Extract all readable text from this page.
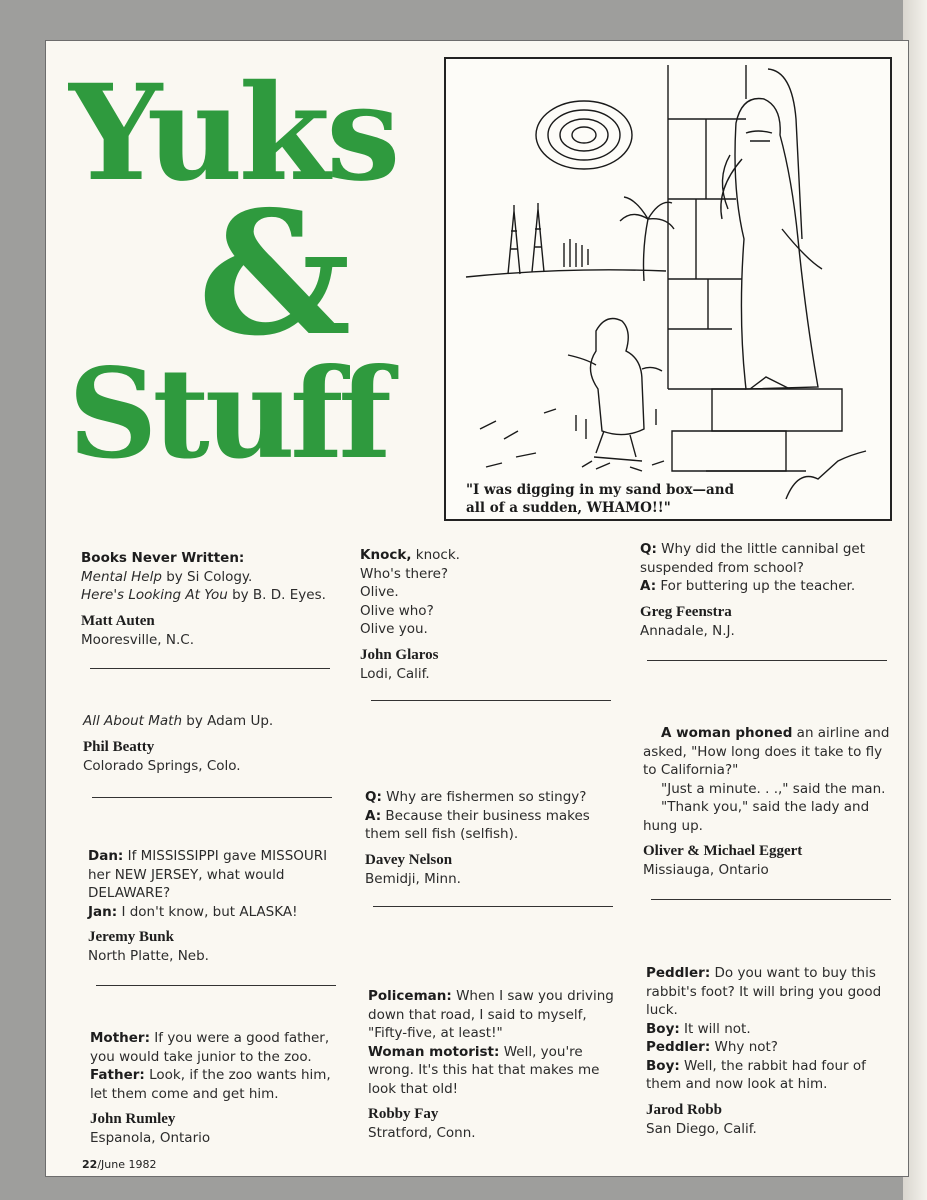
Yuks
&
Stuff
"I was digging in my sand box—and
all of a sudden, WHAMO!!"

Books Never Written:

Mental Help by Si Cology.

Here's Looking At You by B. D. Eyes.

Matt Auten

Mooresville, N.C.

All About Math by Adam Up.

Phil Beatty

Colorado Springs, Colo.

Dan: If MISSISSIPPI gave MISSOURI her NEW JERSEY, what would DELAWARE?

Jan: I don't know, but ALASKA!

Jeremy Bunk

North Platte, Neb.

Mother: If you were a good father, you would take junior to the zoo.

Father: Look, if the zoo wants him, let them come and get him.

John Rumley

Espanola, Ontario

Knock, knock.

Who's there?

Olive.

Olive who?

Olive you.

John Glaros

Lodi, Calif.

Q: Why are fishermen so stingy?

A: Because their business makes them sell fish (selfish).

Davey Nelson

Bemidji, Minn.

Policeman: When I saw you driving down that road, I said to myself, "Fifty-five, at least!"

Woman motorist: Well, you're wrong. It's this hat that makes me look that old!

Robby Fay

Stratford, Conn.

Q: Why did the little cannibal get suspended from school?

A: For buttering up the teacher.

Greg Feenstra

Annadale, N.J.

A woman phoned an airline and asked, "How long does it take to fly to California?"

"Just a minute. . .," said the man.

"Thank you," said the lady and hung up.

Oliver & Michael Eggert

Missiauga, Ontario

Peddler: Do you want to buy this rabbit's foot? It will bring you good luck.

Boy: It will not.

Peddler: Why not?

Boy: Well, the rabbit had four of them and now look at him.

Jarod Robb

San Diego, Calif.

22/June 1982
